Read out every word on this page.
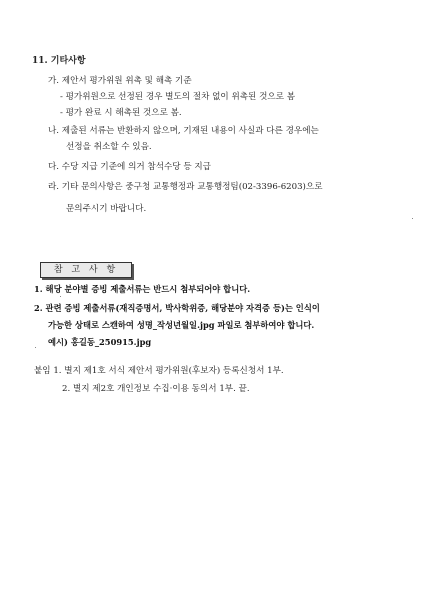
11. 기타사항
가. 제안서 평가위원 위촉 및 해촉 기준
- 평가위원으로 선정된 경우 별도의 절차 없이 위촉된 것으로 봄
- 평가 완료 시 해촉된 것으로 봄.
나. 제출된 서류는 반환하지 않으며, 기재된 내용이 사실과 다른 경우에는
선정을 취소할 수 있음.
다. 수당 지급 기준에 의거 참석수당 등 지급
라. 기타 문의사항은 중구청 교통행정과 교통행정팀(02-3396-6203)으로
문의주시기 바랍니다.
참 고 사 항
1. 해당 분야별 증빙 제출서류는 반드시 첨부되어야 합니다.
2. 관련 증빙 제출서류(재직증명서, 박사학위증, 해당분야 자격증 등)는 인식이
가능한 상태로 스캔하여 성명_작성년월일.jpg 파일로 첨부하여야 합니다.
예시) 홍길동_250915.jpg
붙임 1. 별지 제1호 서식 제안서 평가위원(후보자) 등록신청서 1부.
2. 별지 제2호 개인정보 수집·이용 동의서 1부. 끝.
